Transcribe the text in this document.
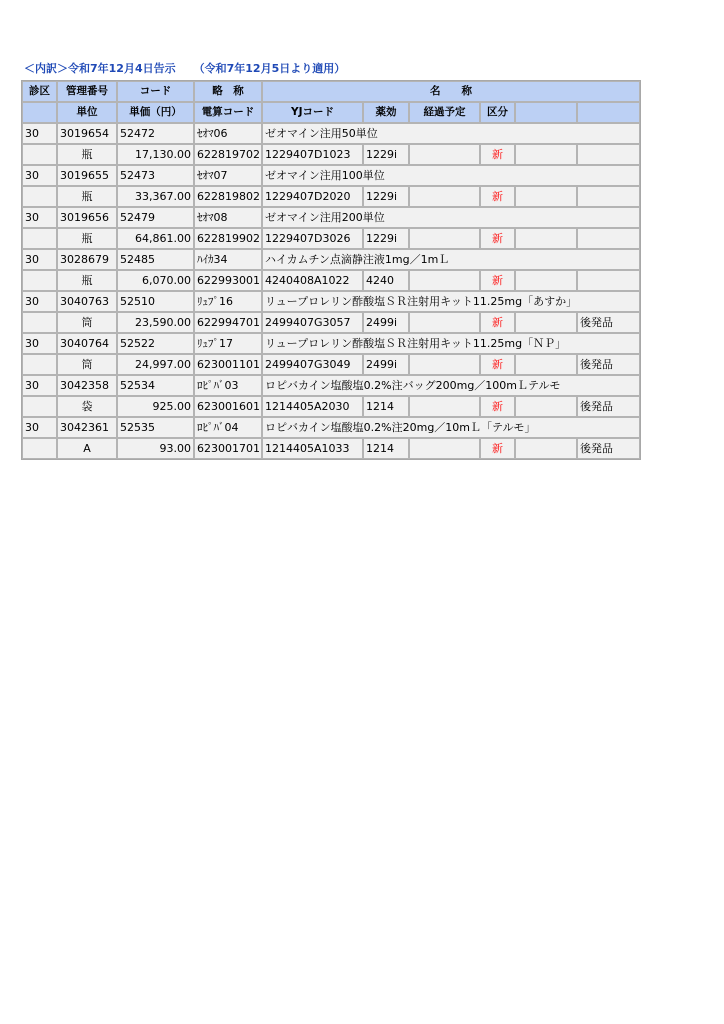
＜内訳＞令和7年12月4日告示 （令和7年12月5日より適用）
診区	管理番号	コード	略　称	名　　称					
	単位	単価（円）	電算コード	YJコード	薬効	経過予定	区分		
30	3019654	52472	ｾｵﾏ06	ゼオマイン注用50単位					
	瓶	17,130.00	622819702	1229407D1023	1229i		新		
30	3019655	52473	ｾｵﾏ07	ゼオマイン注用100単位					
	瓶	33,367.00	622819802	1229407D2020	1229i		新		
30	3019656	52479	ｾｵﾏ08	ゼオマイン注用200単位					
	瓶	64,861.00	622819902	1229407D3026	1229i		新		
30	3028679	52485	ﾊｲｶ34	ハイカムチン点滴静注液1mg／1mＬ					
	瓶	6,070.00	622993001	4240408A1022	4240		新		
30	3040763	52510	ﾘｭﾌﾟ16	リュープロレリン酢酸塩ＳＲ注射用キット11.25mg「あすか」					
	筒	23,590.00	622994701	2499407G3057	2499i		新		後発品
30	3040764	52522	ﾘｭﾌﾟ17	リュープロレリン酢酸塩ＳＲ注射用キット11.25mg「ＮＰ」					
	筒	24,997.00	623001101	2499407G3049	2499i		新		後発品
30	3042358	52534	ﾛﾋﾟﾊﾞ03	ロピバカイン塩酸塩0.2%注バッグ200mg／100mＬテルモ					
	袋	925.00	623001601	1214405A2030	1214		新		後発品
30	3042361	52535	ﾛﾋﾟﾊﾞ04	ロピバカイン塩酸塩0.2%注20mg／10mＬ「テルモ」					
	A	93.00	623001701	1214405A1033	1214		新		後発品
